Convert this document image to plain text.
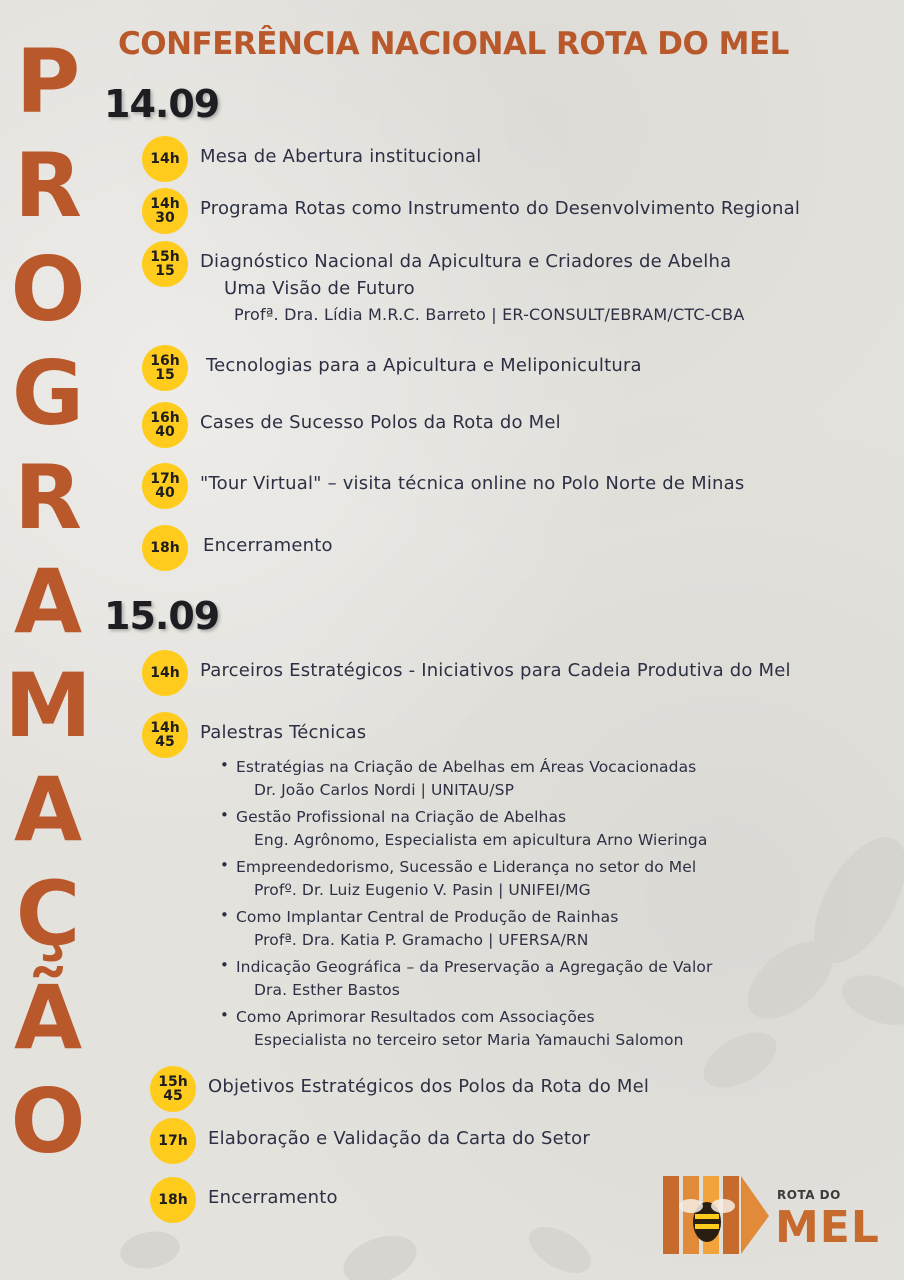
P
R
O
G
R
A
M
A
Ç
Ã
O
CONFERÊNCIA NACIONAL ROTA DO MEL
14.09
14h Mesa de Abertura institucional
14h
30 Programa Rotas como Instrumento do Desenvolvimento Regional
15h
15 Diagnóstico Nacional da Apicultura e Criadores de Abelha
Uma Visão de Futuro
Profª. Dra. Lídia M.R.C. Barreto | ER-CONSULT/EBRAM/CTC-CBA
16h
15 Tecnologias para a Apicultura e Meliponicultura
16h
40 Cases de Sucesso Polos da Rota do Mel
17h
40 "Tour Virtual" – visita técnica online no Polo Norte de Minas
18h Encerramento
15.09
14h Parceiros Estratégicos - Iniciativos para Cadeia Produtiva do Mel
14h
45 Palestras Técnicas
• Estratégias na Criação de Abelhas em Áreas Vocacionadas
Dr. João Carlos Nordi | UNITAU/SP
• Gestão Profissional na Criação de Abelhas
Eng. Agrônomo, Especialista em apicultura Arno Wieringa
• Empreendedorismo, Sucessão e Liderança no setor do Mel
Profº. Dr. Luiz Eugenio V. Pasin | UNIFEI/MG
• Como Implantar Central de Produção de Rainhas
Profª. Dra. Katia P. Gramacho | UFERSA/RN
• Indicação Geográfica – da Preservação a Agregação de Valor
Dra. Esther Bastos
• Como Aprimorar Resultados com Associações
Especialista no terceiro setor Maria Yamauchi Salomon
15h
45 Objetivos Estratégicos dos Polos da Rota do Mel
17h Elaboração e Validação da Carta do Setor
18h Encerramento	ROTA DO
MEL
